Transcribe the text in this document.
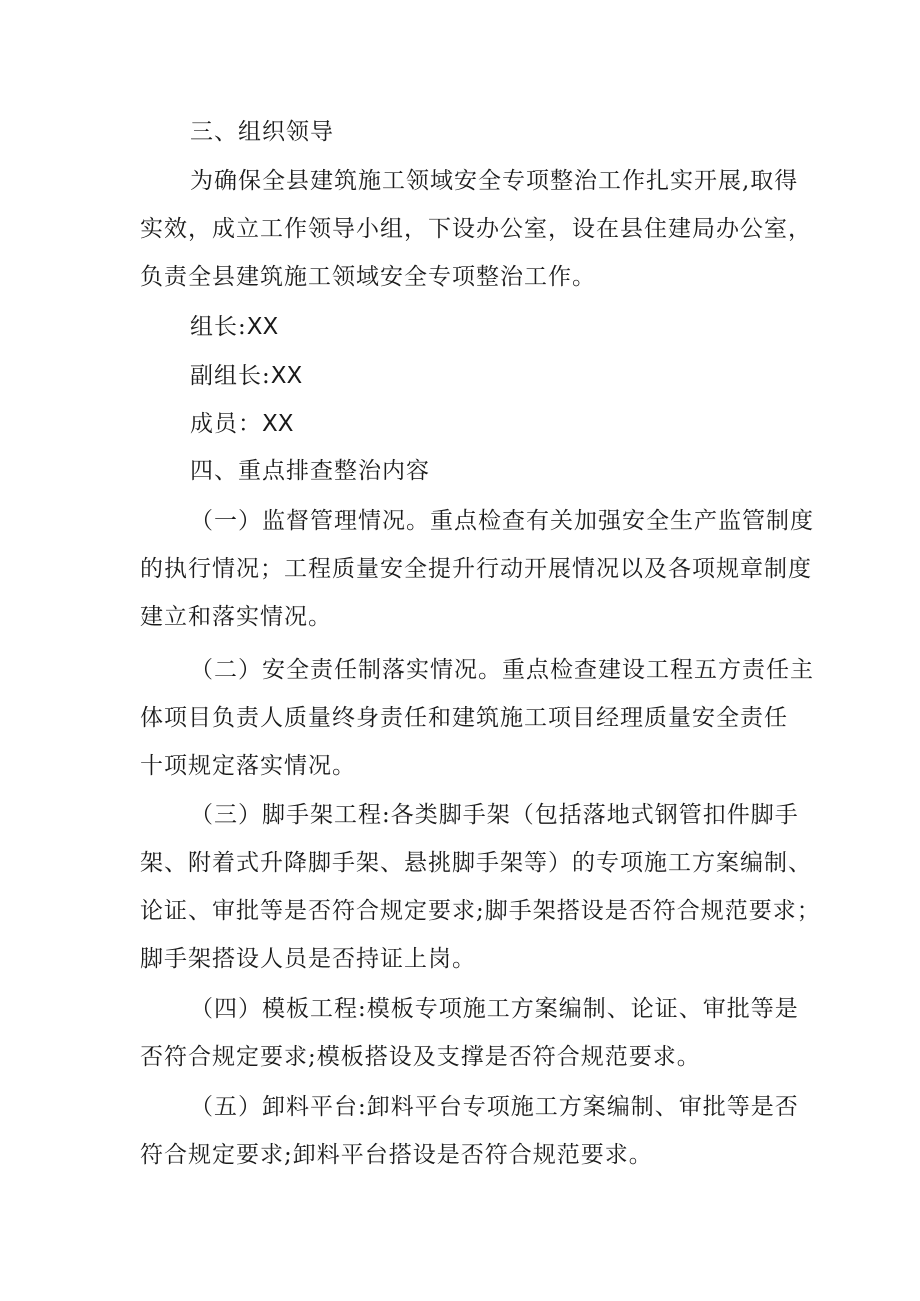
三、组织领导

为确保全县建筑施工领域安全专项整治工作扎实开展,取得
实效，成立工作领导小组，下设办公室，设在县住建局办公室，
负责全县建筑施工领域安全专项整治工作。

组长:XX

副组长:XX

成员：XX

四、重点排查整治内容

（一）监督管理情况。重点检查有关加强安全生产监管制度
的执行情况；工程质量安全提升行动开展情况以及各项规章制度
建立和落实情况。

（二）安全责任制落实情况。重点检查建设工程五方责任主
体项目负责人质量终身责任和建筑施工项目经理质量安全责任
十项规定落实情况。

（三）脚手架工程:各类脚手架（包括落地式钢管扣件脚手
架、附着式升降脚手架、悬挑脚手架等）的专项施工方案编制、
论证、审批等是否符合规定要求;脚手架搭设是否符合规范要求；
脚手架搭设人员是否持证上岗。

（四）模板工程:模板专项施工方案编制、论证、审批等是
否符合规定要求;模板搭设及支撑是否符合规范要求。

（五）卸料平台:卸料平台专项施工方案编制、审批等是否
符合规定要求;卸料平台搭设是否符合规范要求。
